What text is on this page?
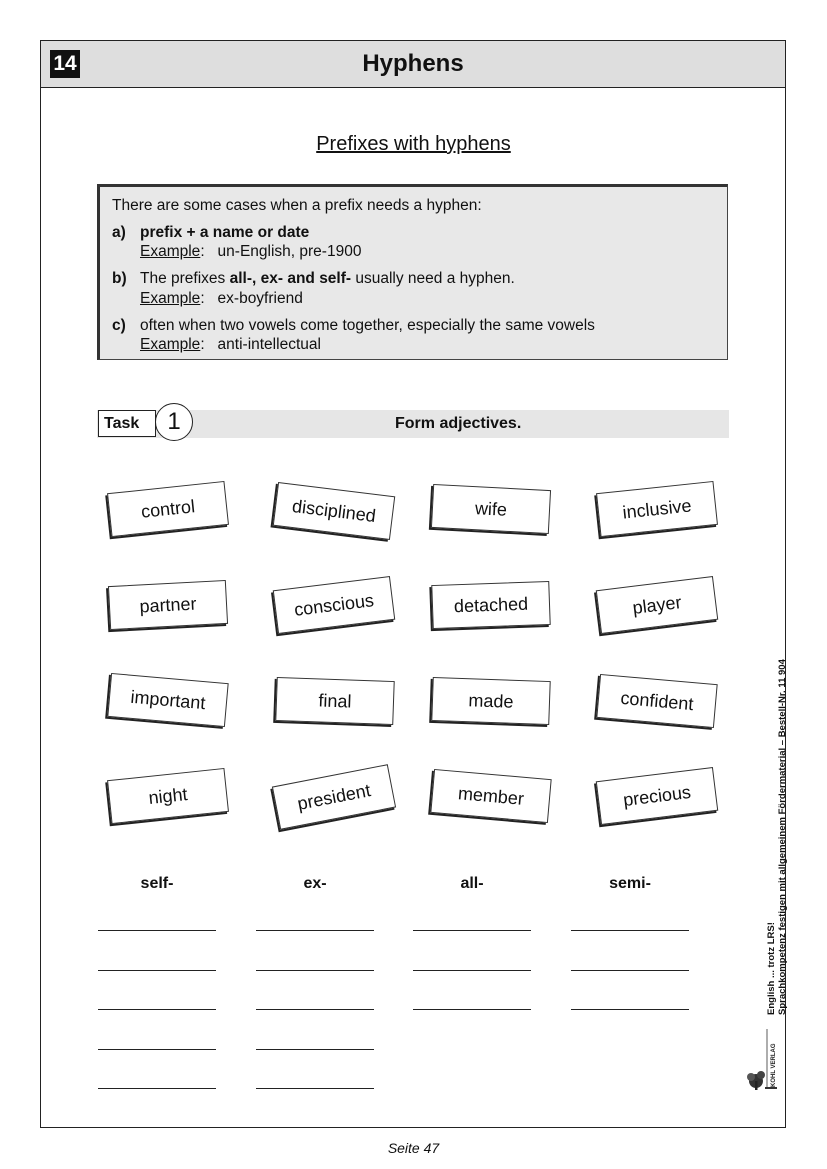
14	Hyphens
Prefixes with hyphens
There are some cases when a prefix needs a hyphen:
a) prefix + a name or date
Example:   un-English, pre-1900
b) The prefixes all-, ex- and self- usually need a hyphen.
Example:   ex-boyfriend
c) often when two vowels come together, especially the same vowels
Example:   anti-intellectual
Task	1	Form adjectives.
control	disciplined	wife	inclusive
partner	conscious	detached	player
important	final	made	confident
night	president	member	precious
self-	ex-	all-	semi-
English ... trotz LRS! Sprachkompetenz festigen mit allgemeinem Fördermaterial – Bestell-Nr. 11 904
KOHL VERLAG
Seite 47
